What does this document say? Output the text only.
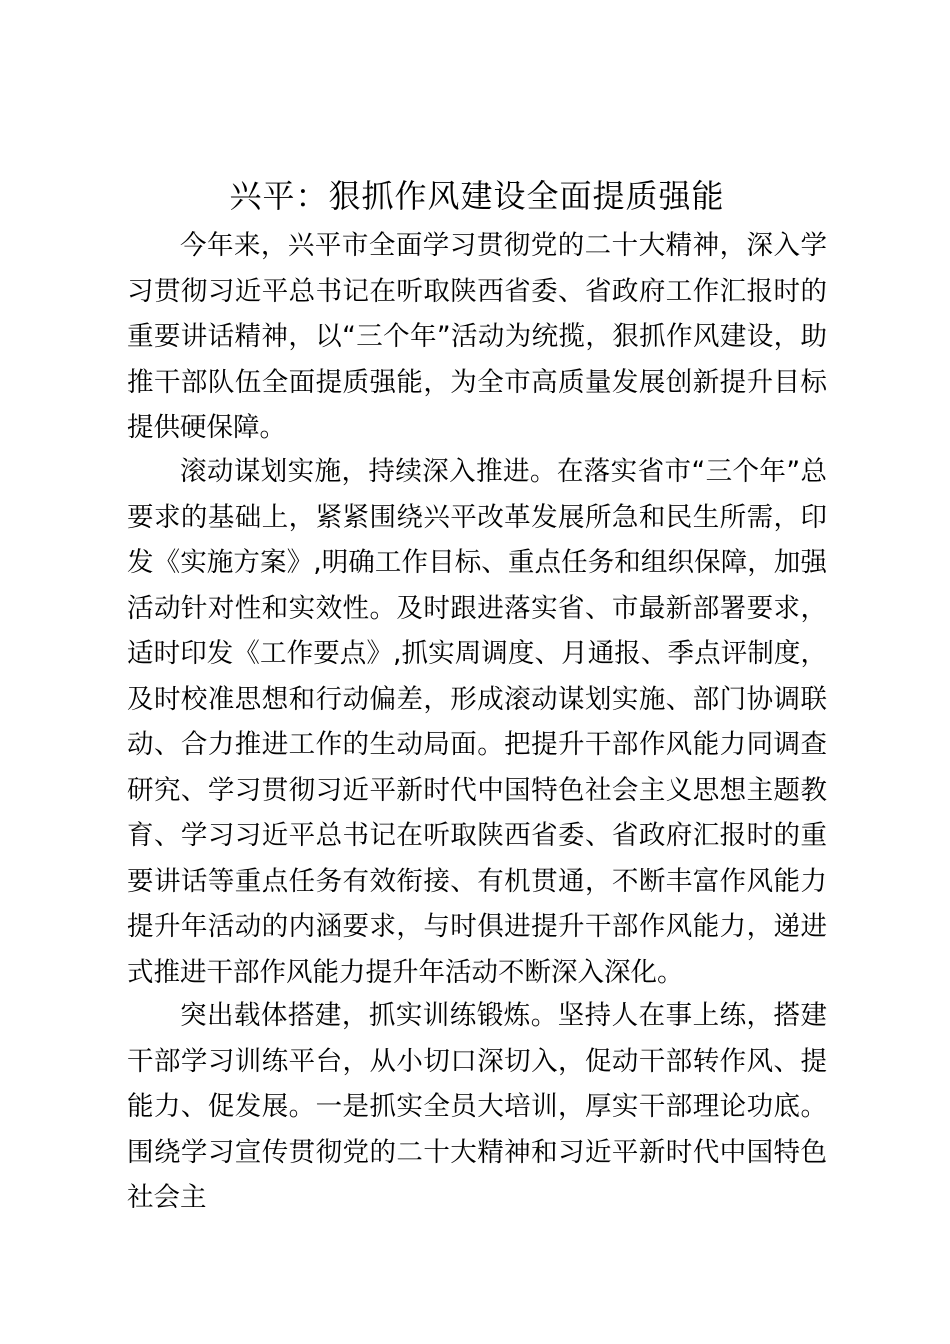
兴平：狠抓作风建设全面提质强能

今年来，兴平市全面学习贯彻党的二十大精神，深入学习贯彻习近平总书记在听取陕西省委、省政府工作汇报时的重要讲话精神，以“三个年”活动为统揽，狠抓作风建设，助推干部队伍全面提质强能，为全市高质量发展创新提升目标提供硬保障。

滚动谋划实施，持续深入推进。在落实省市“三个年”总要求的基础上，紧紧围绕兴平改革发展所急和民生所需，印发《实施方案》,明确工作目标、重点任务和组织保障，加强活动针对性和实效性。及时跟进落实省、市最新部署要求，适时印发《工作要点》,抓实周调度、月通报、季点评制度，及时校准思想和行动偏差，形成滚动谋划实施、部门协调联动、合力推进工作的生动局面。把提升干部作风能力同调查研究、学习贯彻习近平新时代中国特色社会主义思想主题教育、学习习近平总书记在听取陕西省委、省政府汇报时的重要讲话等重点任务有效衔接、有机贯通，不断丰富作风能力提升年活动的内涵要求，与时俱进提升干部作风能力，递进式推进干部作风能力提升年活动不断深入深化。

突出载体搭建，抓实训练锻炼。坚持人在事上练，搭建干部学习训练平台，从小切口深切入，促动干部转作风、提能力、促发展。一是抓实全员大培训，厚实干部理论功底。围绕学习宣传贯彻党的二十大精神和习近平新时代中国特色社会主
